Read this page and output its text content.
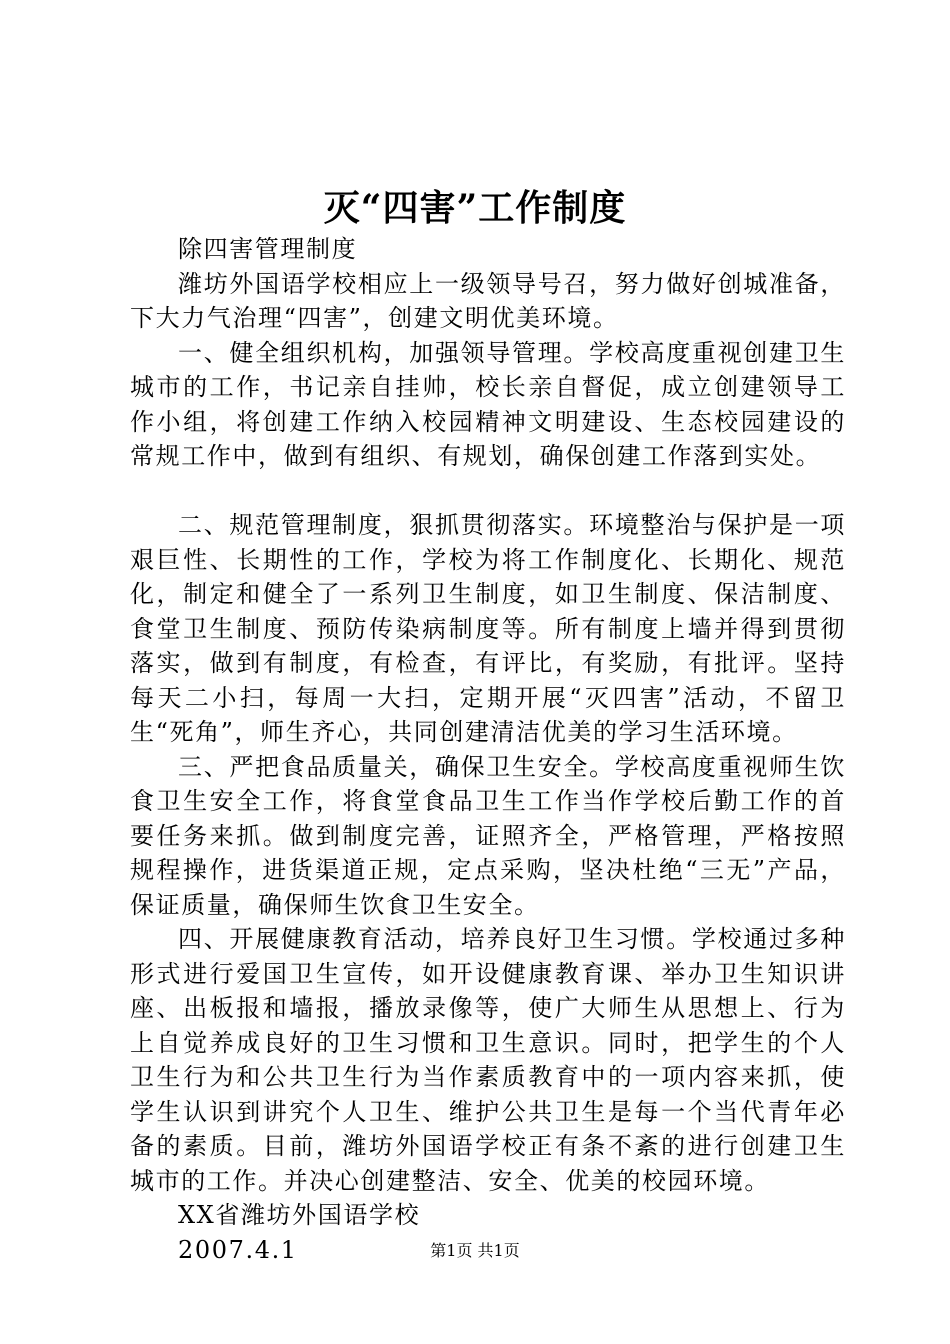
灭“四害”工作制度
除四害管理制度

潍坊外国语学校相应上一级领导号召，努力做好创城准备，下大力气治理“四害”，创建文明优美环境。

一、健全组织机构，加强领导管理。学校高度重视创建卫生城市的工作，书记亲自挂帅，校长亲自督促，成立创建领导工作小组，将创建工作纳入校园精神文明建设、生态校园建设的常规工作中，做到有组织、有规划，确保创建工作落到实处。

二、规范管理制度，狠抓贯彻落实。环境整治与保护是一项艰巨性、长期性的工作，学校为将工作制度化、长期化、规范化，制定和健全了一系列卫生制度，如卫生制度、保洁制度、食堂卫生制度、预防传染病制度等。所有制度上墙并得到贯彻落实，做到有制度，有检查，有评比，有奖励，有批评。坚持每天二小扫，每周一大扫，定期开展“灭四害”活动，不留卫生“死角”，师生齐心，共同创建清洁优美的学习生活环境。

三、严把食品质量关，确保卫生安全。学校高度重视师生饮食卫生安全工作，将食堂食品卫生工作当作学校后勤工作的首要任务来抓。做到制度完善，证照齐全，严格管理，严格按照规程操作，进货渠道正规，定点采购，坚决杜绝“三无”产品，保证质量，确保师生饮食卫生安全。

四、开展健康教育活动，培养良好卫生习惯。学校通过多种形式进行爱国卫生宣传，如开设健康教育课、举办卫生知识讲座、出板报和墙报，播放录像等，使广大师生从思想上、行为上自觉养成良好的卫生习惯和卫生意识。同时，把学生的个人卫生行为和公共卫生行为当作素质教育中的一项内容来抓，使学生认识到讲究个人卫生、维护公共卫生是每一个当代青年必备的素质。目前，潍坊外国语学校正有条不紊的进行创建卫生城市的工作。并决心创建整洁、安全、优美的校园环境。

XX省潍坊外国语学校
2007.4.1	第1页 共1页
